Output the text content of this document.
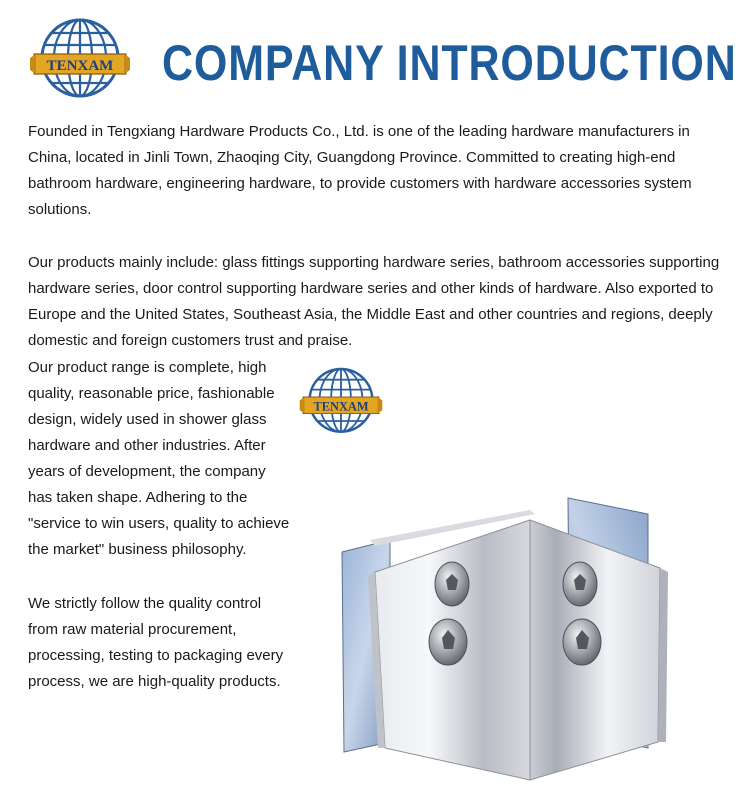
TENXAM COMPANY INTRODUCTION

Founded in Tengxiang Hardware Products Co., Ltd. is one of the leading hardware manufacturers in China, located in Jinli Town, Zhaoqing City, Guangdong Province. Committed to creating high-end bathroom hardware, engineering hardware, to provide customers with hardware accessories system solutions.

Our products mainly include: glass fittings supporting hardware series, bathroom accessories supporting hardware series, door control supporting hardware series and other kinds of hardware. Also exported to Europe and the United States, Southeast Asia, the Middle East and other countries and regions, deeply domestic and foreign customers trust and praise.

Our product range is complete, high quality, reasonable price, fashionable design, widely used in shower glass hardware and other industries. After years of development, the company has taken shape. Adhering to the "service to win users, quality to achieve the market" business philosophy.

We strictly follow the quality control from raw material procurement, processing, testing to packaging every process, we are high-quality products.

TENXAM
